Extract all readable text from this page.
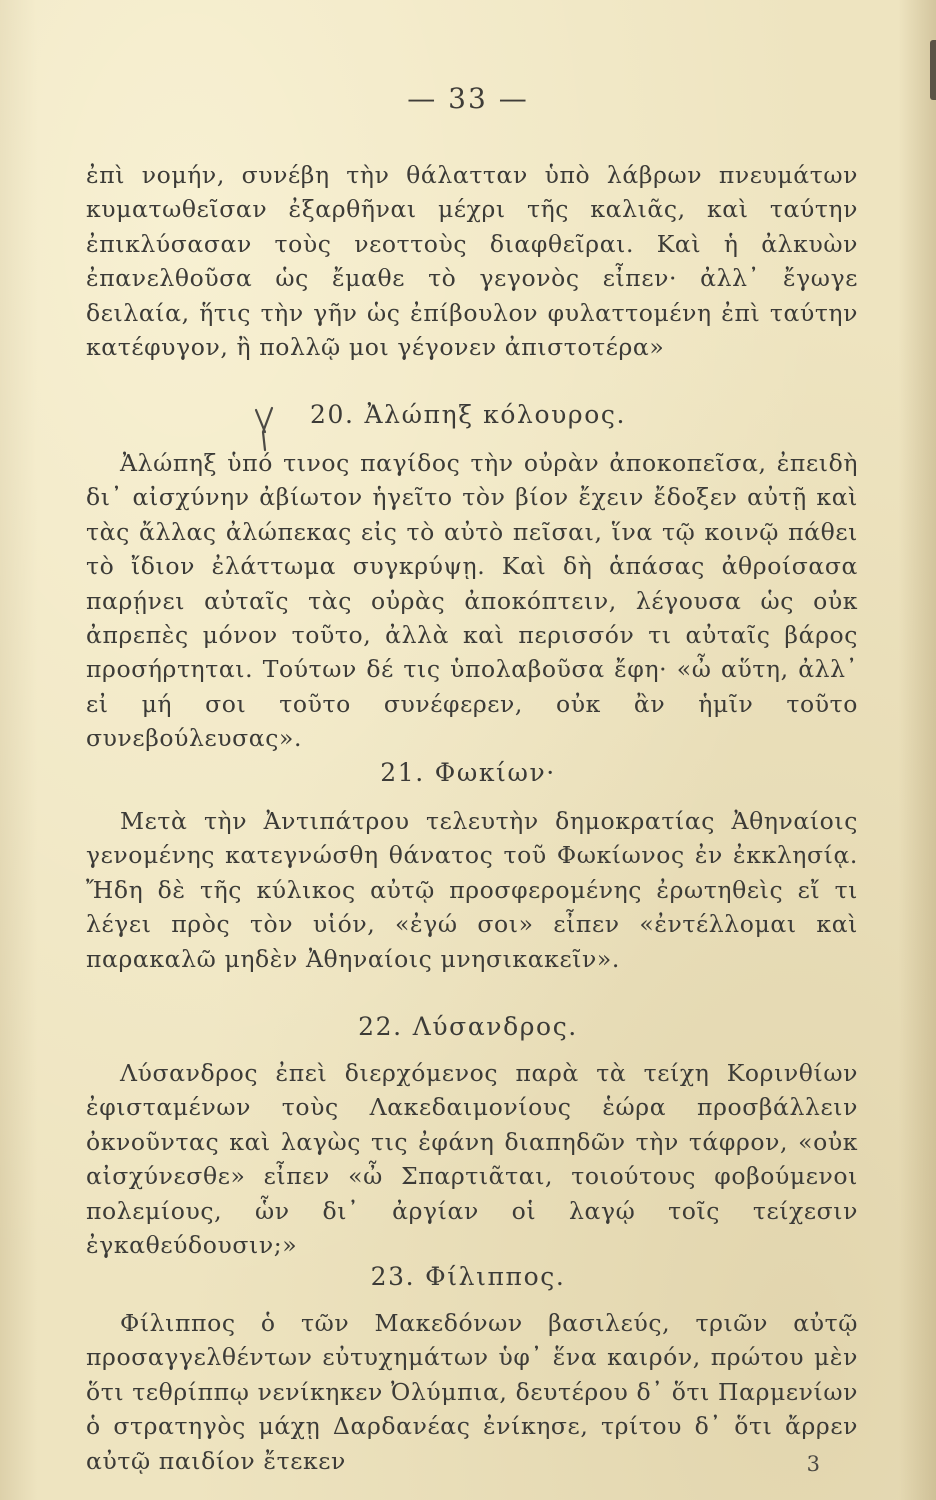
— 33 —
ἐπὶ νομήν, συνέβη τὴν θάλατταν ὑπὸ λάβρων πνευμάτων κυματωθεῖσαν ἐξαρθῆναι μέχρι τῆς καλιᾶς, καὶ ταύτην ἐπικλύσασαν τοὺς νεοττοὺς διαφθεῖραι. Καὶ ἡ ἀλκυὼν ἐπανελθοῦσα ὡς ἔμαθε τὸ γεγονὸς εἶπεν· ἀλλ᾽ ἔγωγε δειλαία, ἥτις τὴν γῆν ὡς ἐπίβουλον φυλαττομένη ἐπὶ ταύτην κατέφυγον, ἢ πολλῷ μοι γέγονεν ἀπιστοτέρα»
20. Ἀλώπηξ κόλουρος.
Ἀλώπηξ ὑπό τινος παγίδος τὴν οὐρὰν ἀποκοπεῖσα, ἐπειδὴ δι᾽ αἰσχύνην ἀβίωτον ἡγεῖτο τὸν βίον ἔχειν ἔδοξεν αὐτῇ καὶ τὰς ἄλλας ἀλώπεκας εἰς τὸ αὐτὸ πεῖσαι, ἵνα τῷ κοινῷ πάθει τὸ ἴδιον ἐλάττωμα συγκρύψῃ. Καὶ δὴ ἁπάσας ἀθροίσασα παρῄνει αὐταῖς τὰς οὐρὰς ἀποκόπτειν, λέγουσα ὡς οὐκ ἀπρεπὲς μόνον τοῦτο, ἀλλὰ καὶ περισσόν τι αὐταῖς βάρος προσήρτηται. Τούτων δέ τις ὑπολαβοῦσα ἔφη· «ὦ αὕτη, ἀλλ᾽ εἰ μή σοι τοῦτο συνέφερεν, οὐκ ἂν ἡμῖν τοῦτο συνεβούλευσας».
21. Φωκίων·
Μετὰ τὴν Ἀντιπάτρου τελευτὴν δημοκρατίας Ἀθηναίοις γενομένης κατεγνώσθη θάνατος τοῦ Φωκίωνος ἐν ἐκκλησίᾳ. Ἤδη δὲ τῆς κύλικος αὐτῷ προσφερομένης ἐρωτηθεὶς εἴ τι λέγει πρὸς τὸν υἱόν, «ἐγώ σοι» εἶπεν «ἐντέλλομαι καὶ παρακαλῶ μηδὲν Ἀθηναίοις μνησικακεῖν».
22. Λύσανδρος.
Λύσανδρος ἐπεὶ διερχόμενος παρὰ τὰ τείχη Κορινθίων ἐφισταμένων τοὺς Λακεδαιμονίους ἑώρα προσβάλλειν ὀκνοῦντας καὶ λαγὼς τις ἐφάνη διαπηδῶν τὴν τάφρον, «οὐκ αἰσχύνεσθε» εἶπεν «ὦ Σπαρτιᾶται, τοιούτους φοβούμενοι πολεμίους, ὧν δι᾽ ἀργίαν οἱ λαγῴ τοῖς τείχεσιν ἐγκαθεύδουσιν;»
23. Φίλιππος.
Φίλιππος ὁ τῶν Μακεδόνων βασιλεύς, τριῶν αὐτῷ προσαγγελθέντων εὐτυχημάτων ὑφ᾽ ἕνα καιρόν, πρώτου μὲν ὅτι τεθρίππῳ νενίκηκεν Ὀλύμπια, δευτέρου δ᾽ ὅτι Παρμενίων ὁ στρατηγὸς μάχῃ Δαρδανέας ἐνίκησε, τρίτου δ᾽ ὅτι ἄρρεν αὐτῷ παιδίον ἔτεκεν	3
